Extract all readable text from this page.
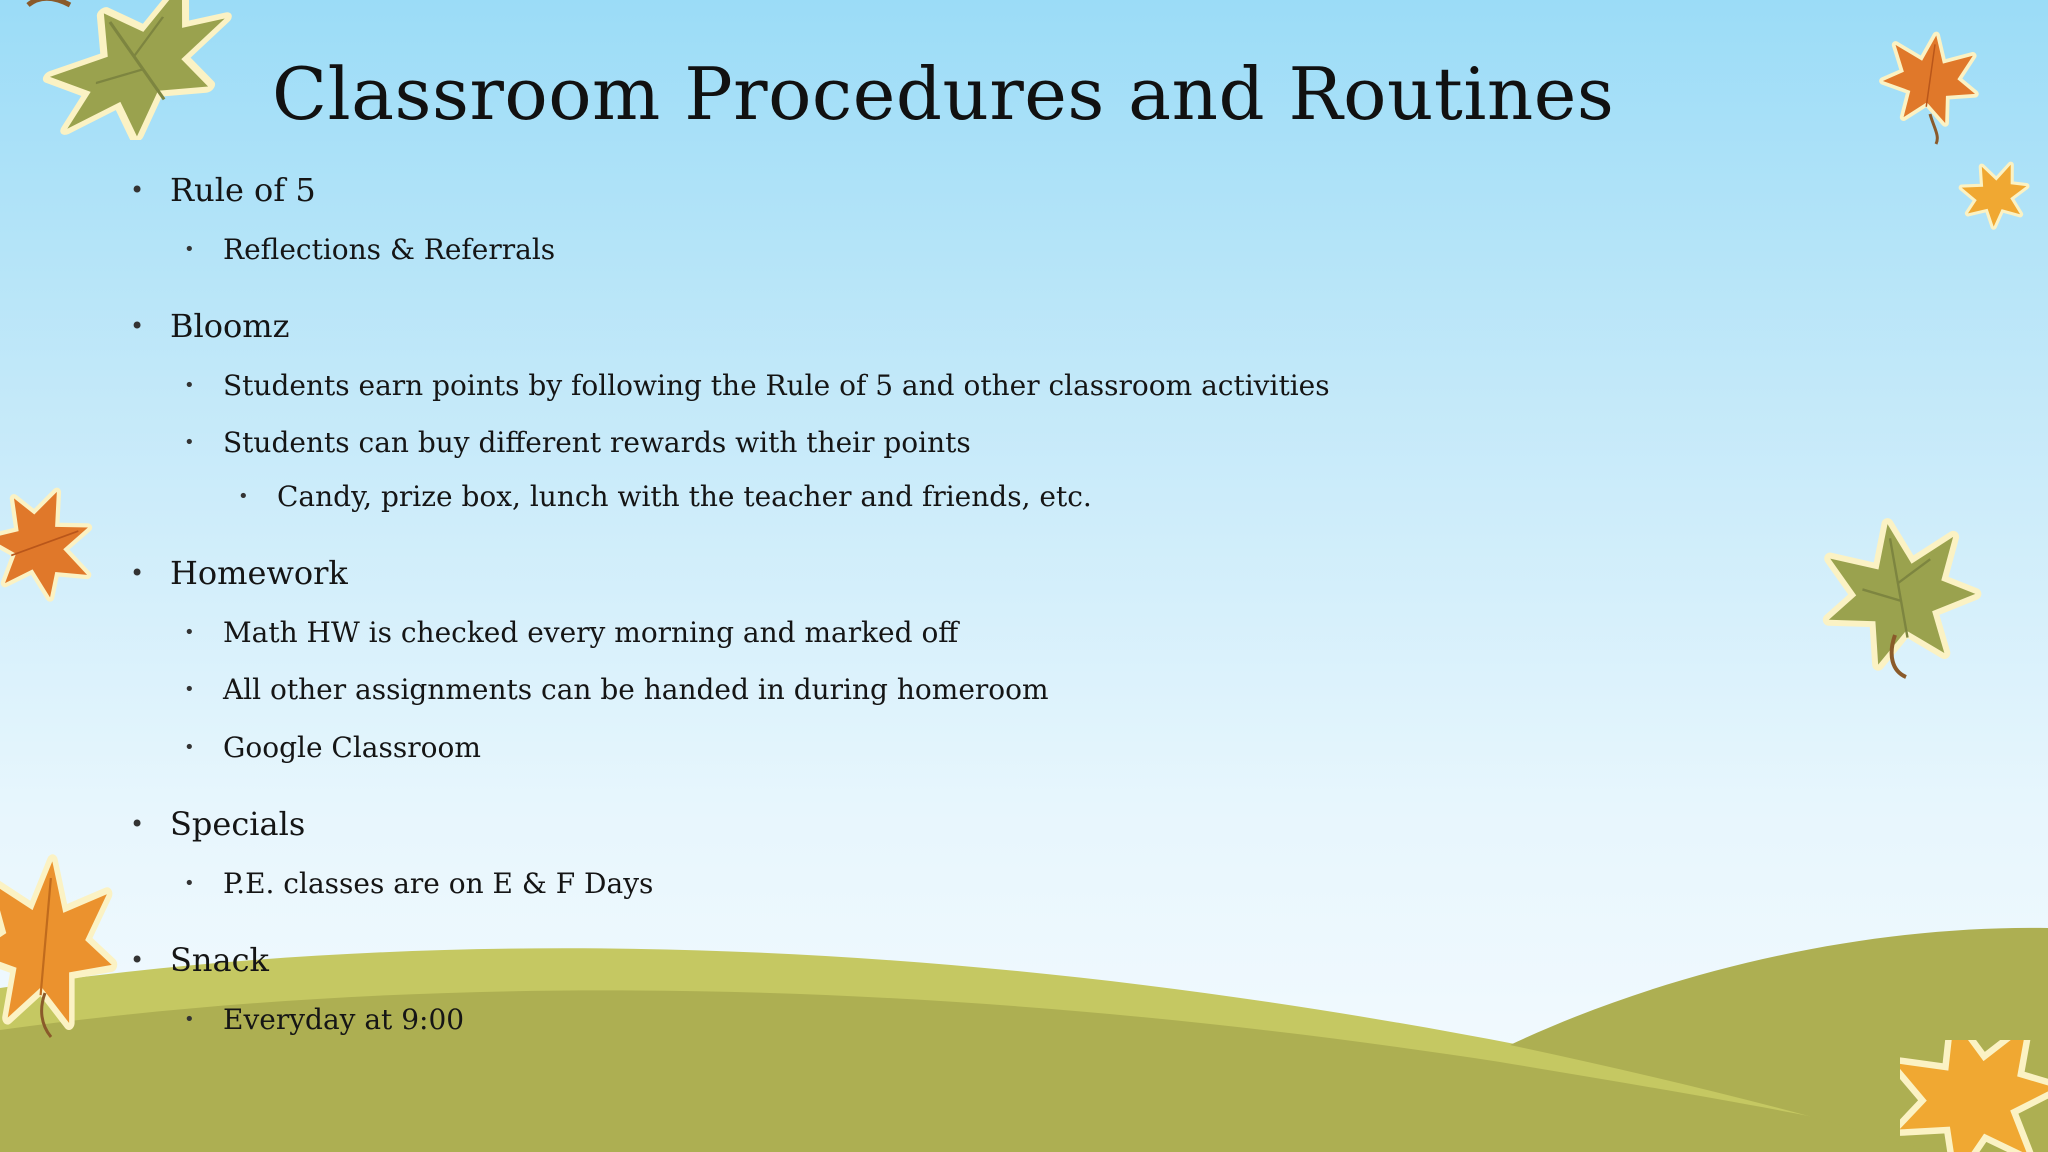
Classroom Procedures and Routines
• Rule of 5
• Reflections & Referrals
• Bloomz
• Students earn points by following the Rule of 5 and other classroom activities
• Students can buy different rewards with their points
• Candy, prize box, lunch with the teacher and friends, etc.
• Homework
• Math HW is checked every morning and marked off
• All other assignments can be handed in during homeroom
• Google Classroom
• Specials
• P.E. classes are on E & F Days
• Snack
• Everyday at 9:00
